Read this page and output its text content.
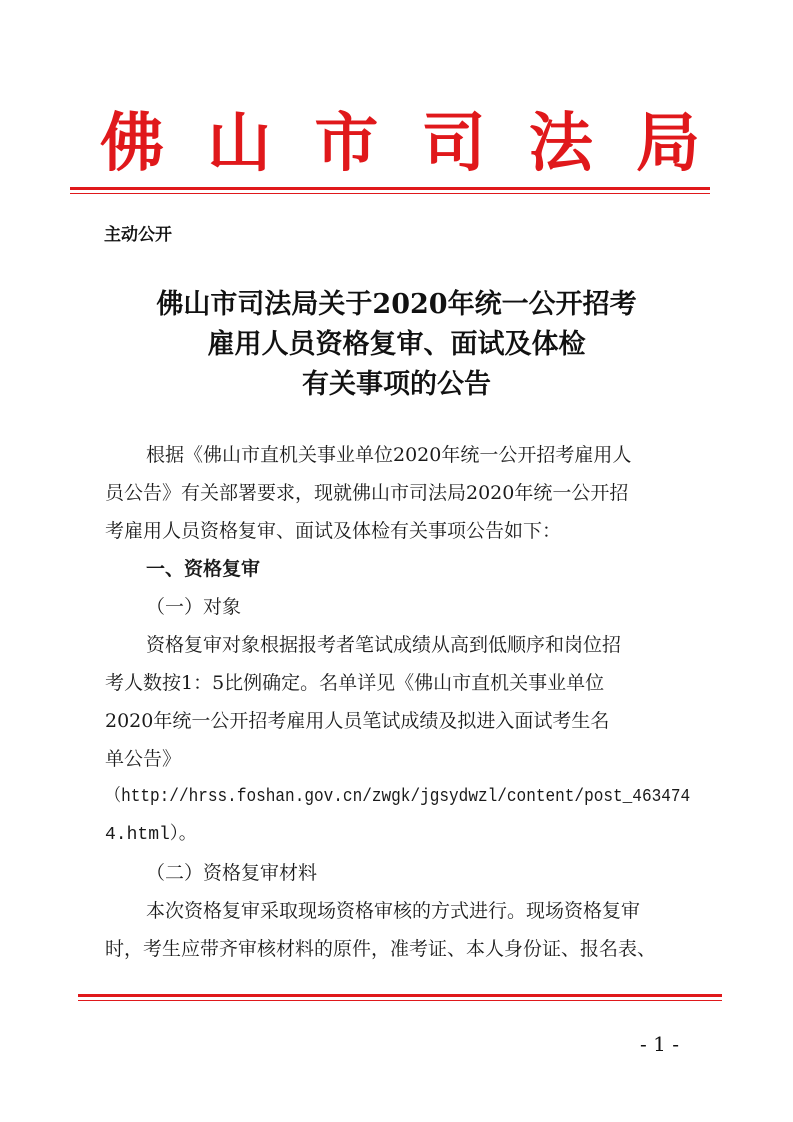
佛 山 市 司 法 局
主动公开
佛山市司法局关于2020年统一公开招考
雇用人员资格复审、面试及体检
有关事项的公告
根据《佛山市直机关事业单位2020年统一公开招考雇用人
员公告》有关部署要求，现就佛山市司法局2020年统一公开招
考雇用人员资格复审、面试及体检有关事项公告如下：
一、资格复审
（一）对象
资格复审对象根据报考者笔试成绩从高到低顺序和岗位招
考人数按1：5比例确定。名单详见《佛山市直机关事业单位
2020年统一公开招考雇用人员笔试成绩及拟进入面试考生名
单公告》
（http://hrss.foshan.gov.cn/zwgk/jgsydwzl/content/post_463474
4.html）。
（二）资格复审材料
本次资格复审采取现场资格审核的方式进行。现场资格复审
时，考生应带齐审核材料的原件，准考证、本人身份证、报名表、
- 1 -
